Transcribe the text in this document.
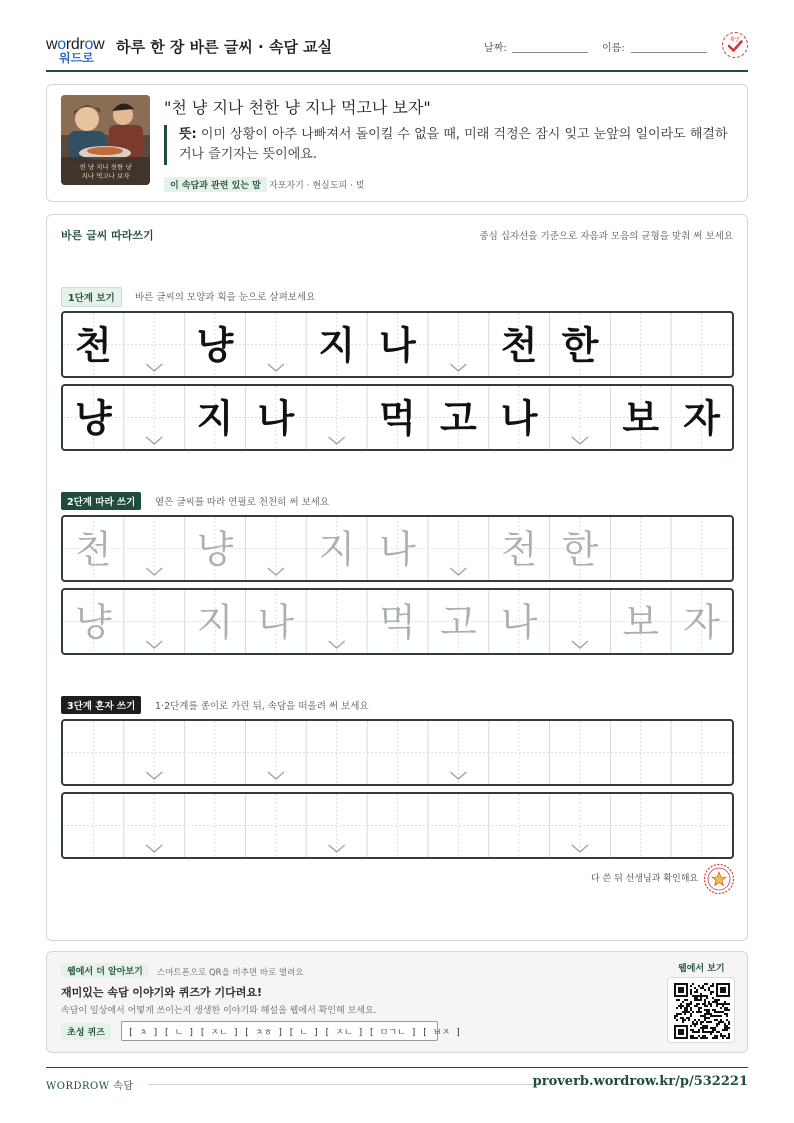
wordrow
워드로
하루 한 장 바른 글씨 · 속담 교실	날짜:	이름:
확인
천 냥 지나 천한 냥
지나 먹고나 보자
"천 냥 지나 천한 냥 지나 먹고나 보자"
뜻: 이미 상황이 아주 나빠져서 돌이킬 수 없을 때, 미래 걱정은 잠시 잊고 눈앞의 일이라도 해결하거나 즐기자는 뜻이에요.
이 속담과 관련 있는 말 자포자기 · 현실도피 · 빚
바른 글씨 따라쓰기	중심 십자선을 기준으로 자음과 모음의 균형을 맞춰 써 보세요
1단계 보기	바른 글씨의 모양과 획을 눈으로 살펴보세요
천 냥 지 나 천 한
냥 지 나 먹 고 나 보 자
2단계 따라 쓰기	옅은 글씨를 따라 연필로 천천히 써 보세요
천 냥 지 나 천 한
냥 지 나 먹 고 나 보 자
3단계 혼자 쓰기	1·2단계를 종이로 가린 뒤, 속담을 떠올려 써 보세요
다 쓴 뒤 선생님과 확인해요
웹에서 더 알아보기	스마트폰으로 QR을 비추면 바로 열려요
재미있는 속담 이야기와 퀴즈가 기다려요!
속담이 일상에서 어떻게 쓰이는지 생생한 이야기와 해설을 웹에서 확인해 보세요.
초성 퀴즈	[ ㅊ ] [ ㄴ ] [ ㅈㄴ ] [ ㅊㅎ ] [ ㄴ ] [ ㅈㄴ ] [ ㅁㄱㄴ ] [ ㅂㅈ ]
웹에서 보기
WORDROW 속담	proverb.wordrow.kr/p/532221
